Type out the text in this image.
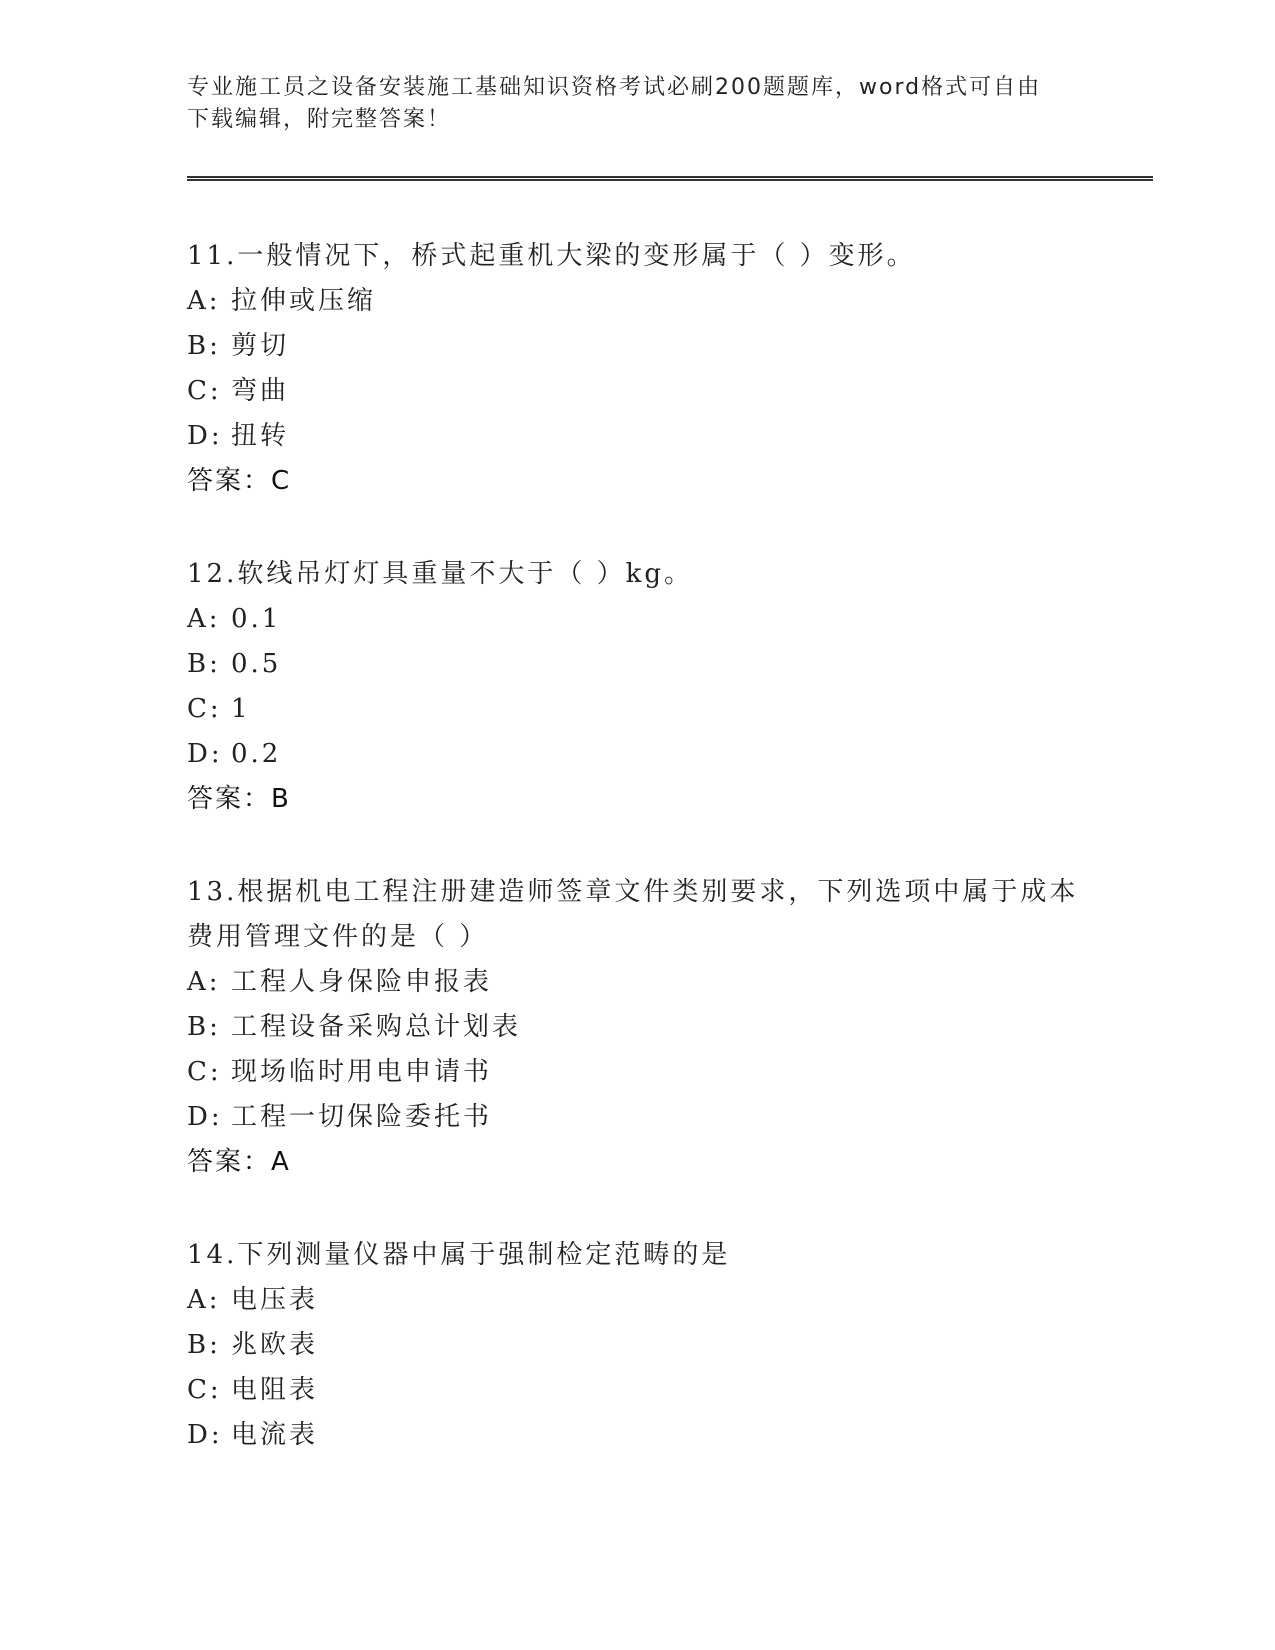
专业施工员之设备安装施工基础知识资格考试必刷200题题库，word格式可自由
下载编辑，附完整答案！
11.一般情况下，桥式起重机大梁的变形属于（ ）变形。
A: 拉伸或压缩
B: 剪切
C: 弯曲
D: 扭转
答案：C
12.软线吊灯灯具重量不大于（ ）kg。
A: 0.1
B: 0.5
C: 1
D: 0.2
答案：B
13.根据机电工程注册建造师签章文件类别要求，下列选项中属于成本
费用管理文件的是（ ）
A: 工程人身保险申报表
B: 工程设备采购总计划表
C: 现场临时用电申请书
D: 工程一切保险委托书
答案：A
14.下列测量仪器中属于强制检定范畴的是
A: 电压表
B: 兆欧表
C: 电阻表
D: 电流表
